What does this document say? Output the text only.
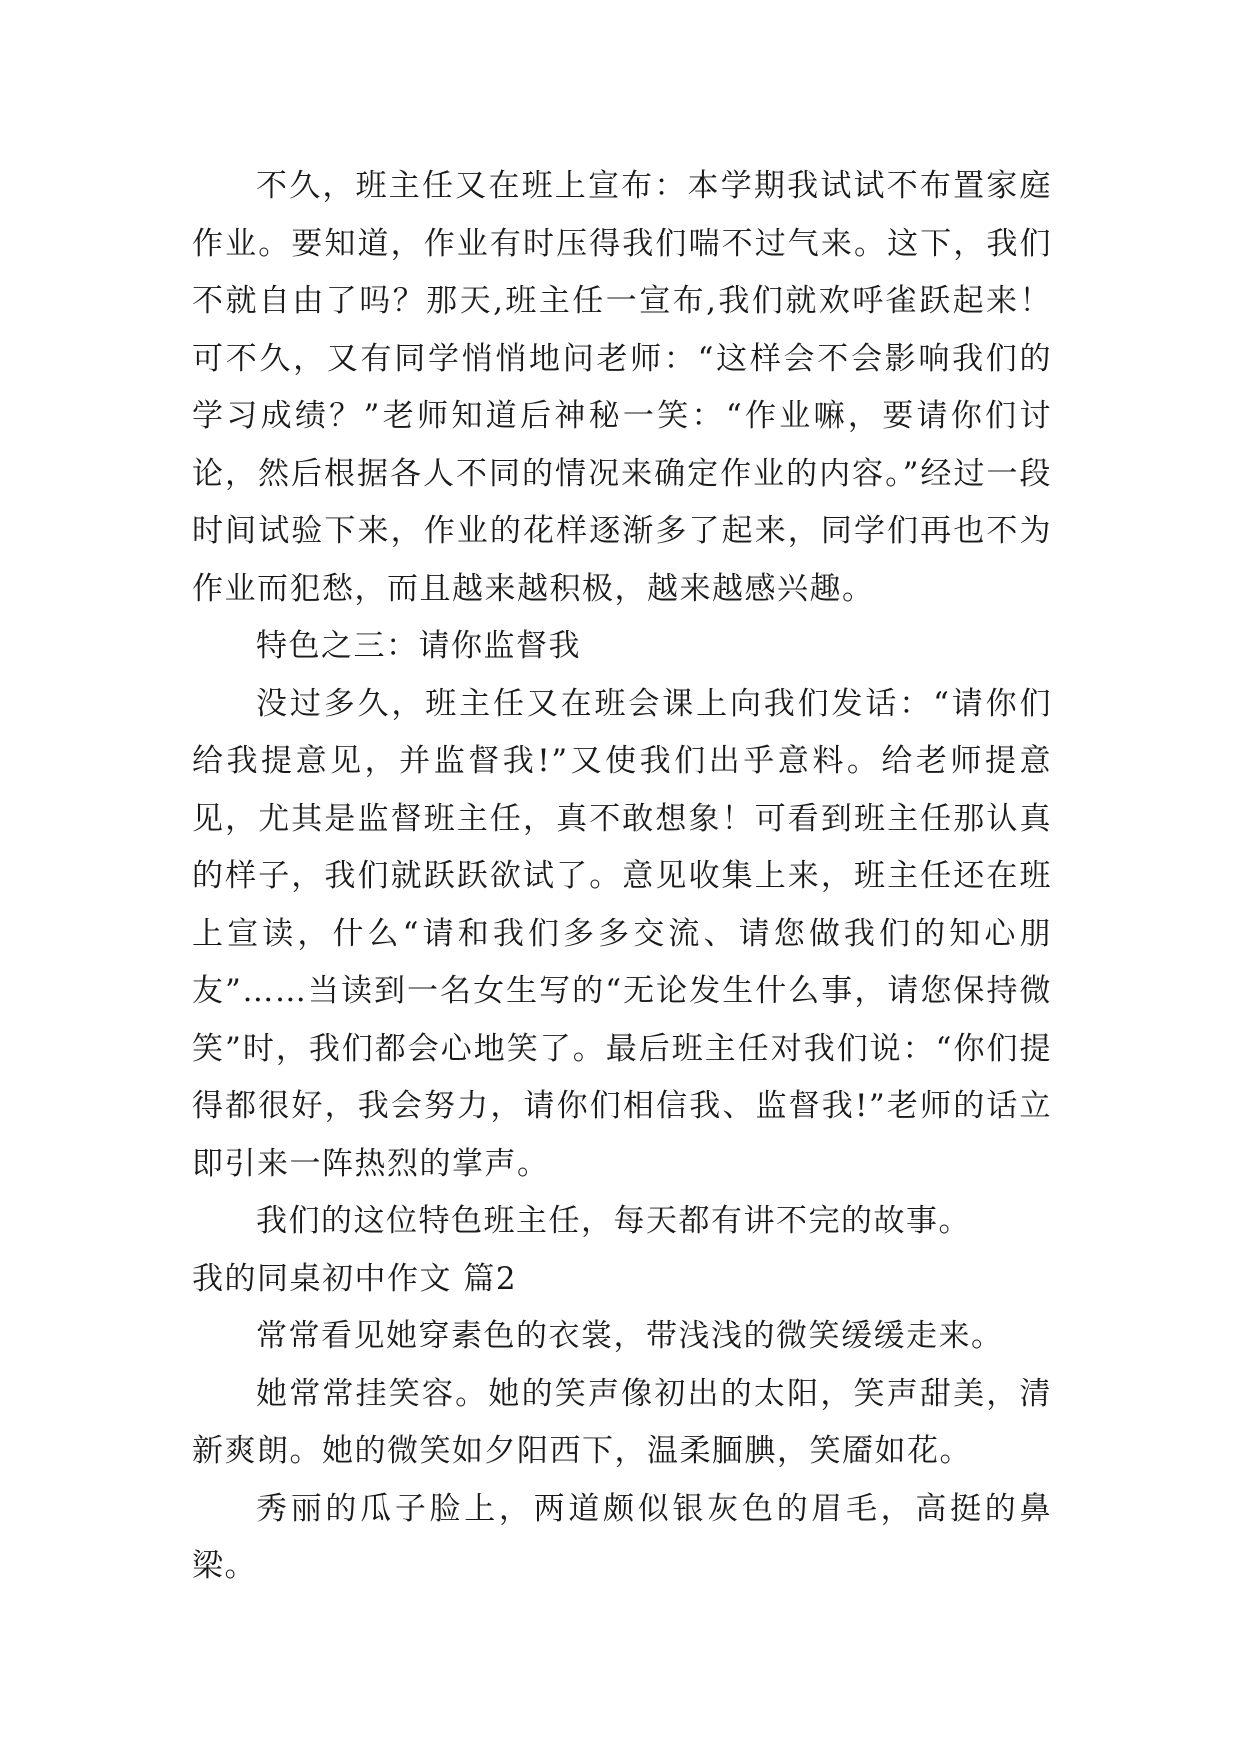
不久，班主任又在班上宣布：本学期我试试不布置家庭作业。要知道，作业有时压得我们喘不过气来。这下，我们不就自由了吗？那天,班主任一宣布,我们就欢呼雀跃起来！可不久，又有同学悄悄地问老师：“这样会不会影响我们的学习成绩？”老师知道后神秘一笑：“作业嘛，要请你们讨论，然后根据各人不同的情况来确定作业的内容。”经过一段时间试验下来，作业的花样逐渐多了起来，同学们再也不为作业而犯愁，而且越来越积极，越来越感兴趣。

特色之三：请你监督我

没过多久，班主任又在班会课上向我们发话：“请你们给我提意见，并监督我!”又使我们出乎意料。给老师提意见，尤其是监督班主任，真不敢想象！可看到班主任那认真的样子，我们就跃跃欲试了。意见收集上来，班主任还在班上宣读，什么“请和我们多多交流、请您做我们的知心朋友”……当读到一名女生写的“无论发生什么事，请您保持微笑”时，我们都会心地笑了。最后班主任对我们说：“你们提得都很好，我会努力，请你们相信我、监督我!”老师的话立即引来一阵热烈的掌声。

我们的这位特色班主任，每天都有讲不完的故事。

我的同桌初中作文 篇2

常常看见她穿素色的衣裳，带浅浅的微笑缓缓走来。

她常常挂笑容。她的笑声像初出的太阳，笑声甜美，清新爽朗。她的微笑如夕阳西下，温柔腼腆，笑靥如花。

秀丽的瓜子脸上，两道颇似银灰色的眉毛，高挺的鼻梁。
